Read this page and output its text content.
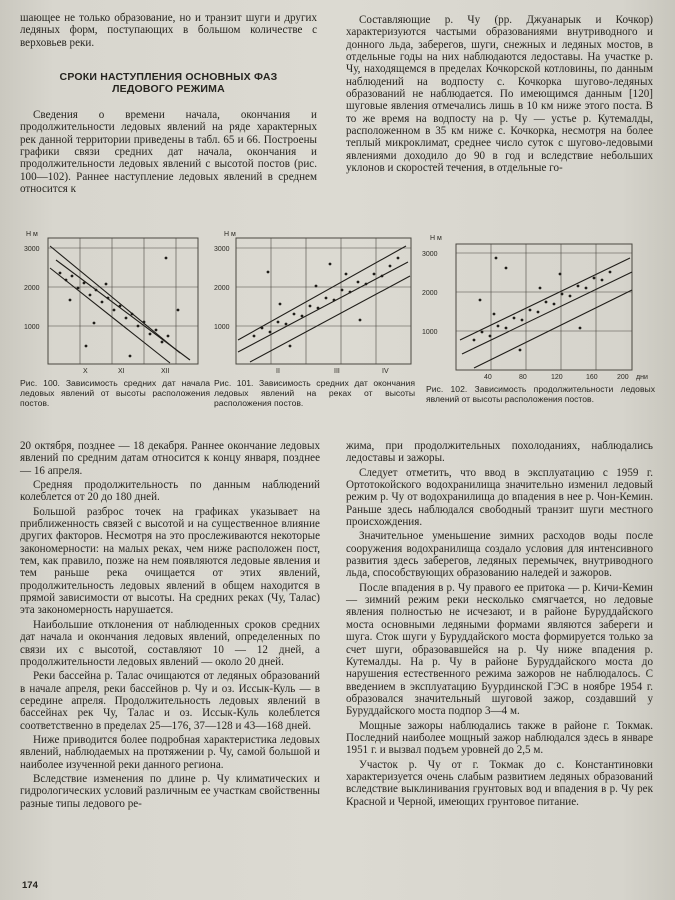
шающее не только образование, но и транзит шуги и других ледяных форм, поступающих в большом количестве с верховьев реки.

СРОКИ НАСТУПЛЕНИЯ ОСНОВНЫХ ФАЗ
ЛЕДОВОГО РЕЖИМА

Сведения о времени начала, окончания и продолжительности ледовых явлений на ряде характерных рек данной территории приведены в табл. 65 и 66. Построены графики связи средних дат начала, окончания и продолжительности ледовых явлений с высотой постов (рис. 100—102). Раннее наступление ледовых явлений в среднем относится к

Составляющие р. Чу (рр. Джуанарык и Кочкор) характеризуются частыми образованиями внутриводного и донного льда, заберегов, шуги, снежных и ледяных мостов, в отдельные годы на них наблюдаются ледоставы. На участке р. Чу, находящемся в пределах Кочкорской котловины, по данным наблюдений на водпосту с. Кочкорка шугово-ледяных образований не наблюдается. По имеющимся данным [120] шуговые явления отмечались лишь в 10 км ниже этого поста. В то же время на водпосту на р. Чу — устье р. Кутемалды, расположенном в 35 км ниже с. Кочкорка, несмотря на более теплый микроклимат, среднее число суток с шугово-ледовыми явлениями доходило до 90 в год и вследствие небольших уклонов и скоростей течения, в отдельные го-

Н м
3000
2000
1000
X	XI	XII
Рис. 100. Зависимость средних дат начала ледовых явлений от высоты расположения постов.
Н м
3000
2000
1000
II	III	IV
Рис. 101. Зависимость средних дат окончания ледовых явлений на реках от высоты расположения постов.
Н м
3000
2000
1000
40	80	120	160	200 дни
Рис. 102. Зависимость продолжительности ледовых явлений от высоты расположения постов.

20 октября, позднее — 18 декабря. Раннее окончание ледовых явлений по средним датам относится к концу января, позднее — 16 апреля.

Средняя продолжительность по данным наблюдений колеблется от 20 до 180 дней.

Большой разброс точек на графиках указывает на приближенность связей с высотой и на существенное влияние других факторов. Несмотря на это прослеживаются некоторые закономерности: на малых реках, чем ниже расположен пост, тем, как правило, позже на нем появляются ледовые явления и тем раньше река очищается от этих явлений, продолжительность ледовых явлений в общем находится в прямой зависимости от высоты. На средних реках (Чу, Талас) эта закономерность нарушается.

Наибольшие отклонения от наблюденных сроков средних дат начала и окончания ледовых явлений, определенных по связи их с высотой, составляют 10 — 12 дней, а продолжительности ледовых явлений — около 20 дней.

Реки бассейна р. Талас очищаются от ледяных образований в начале апреля, реки бассейнов р. Чу и оз. Иссык-Куль — в середине апреля. Продолжительность ледовых явлений в бассейнах рек Чу, Талас и оз. Иссык-Куль колеблется соответственно в пределах 25—176, 37—128 и 43—168 дней.

Ниже приводится более подробная характеристика ледовых явлений, наблюдаемых на протяжении р. Чу, самой большой и наиболее изученной реки данного региона.

Вследствие изменения по длине р. Чу климатических и гидрологических условий различным ее участкам свойственны разные типы ледового ре-

жима, при продолжительных похолоданиях, наблюдались ледоставы и зажоры.

Следует отметить, что ввод в эксплуатацию с 1959 г. Ортотокойского водохранилища значительно изменил ледовый режим р. Чу от водохранилища до впадения в нее р. Чон-Кемин. Раньше здесь наблюдался свободный транзит шуги местного происхождения.

Значительное уменьшение зимних расходов воды после сооружения водохранилища создало условия для интенсивного развития здесь заберегов, ледяных перемычек, внутриводного льда, способствующих образованию наледей и зажоров.

После впадения в р. Чу правого ее притока — р. Кичи-Кемин — зимний режим реки несколько смягчается, но ледовые явления полностью не исчезают, и в районе Буруддайского моста основными ледяными формами являются забереги и шуга. Сток шуги у Буруддайского моста формируется только за счет шуги, образовавшейся на р. Чу ниже впадения р. Кутемалды. На р. Чу в районе Буруддайского моста до нарушения естественного режима зажоров не наблюдалось. С введением в эксплуатацию Буурдинской ГЭС в ноябре 1954 г. образовался значительный шуговой зажор, создавший у Буруддайского моста подпор 3—4 м.

Мощные зажоры наблюдались также в районе г. Токмак. Последний наиболее мощный зажор наблюдался здесь в январе 1951 г. и вызвал подъем уровней до 2,5 м.

Участок р. Чу от г. Токмак до с. Константиновки характеризуется очень слабым развитием ледяных образований вследствие выклинивания грунтовых вод и впадения в р. Чу рек Красной и Черной, имеющих грунтовое питание.

174
